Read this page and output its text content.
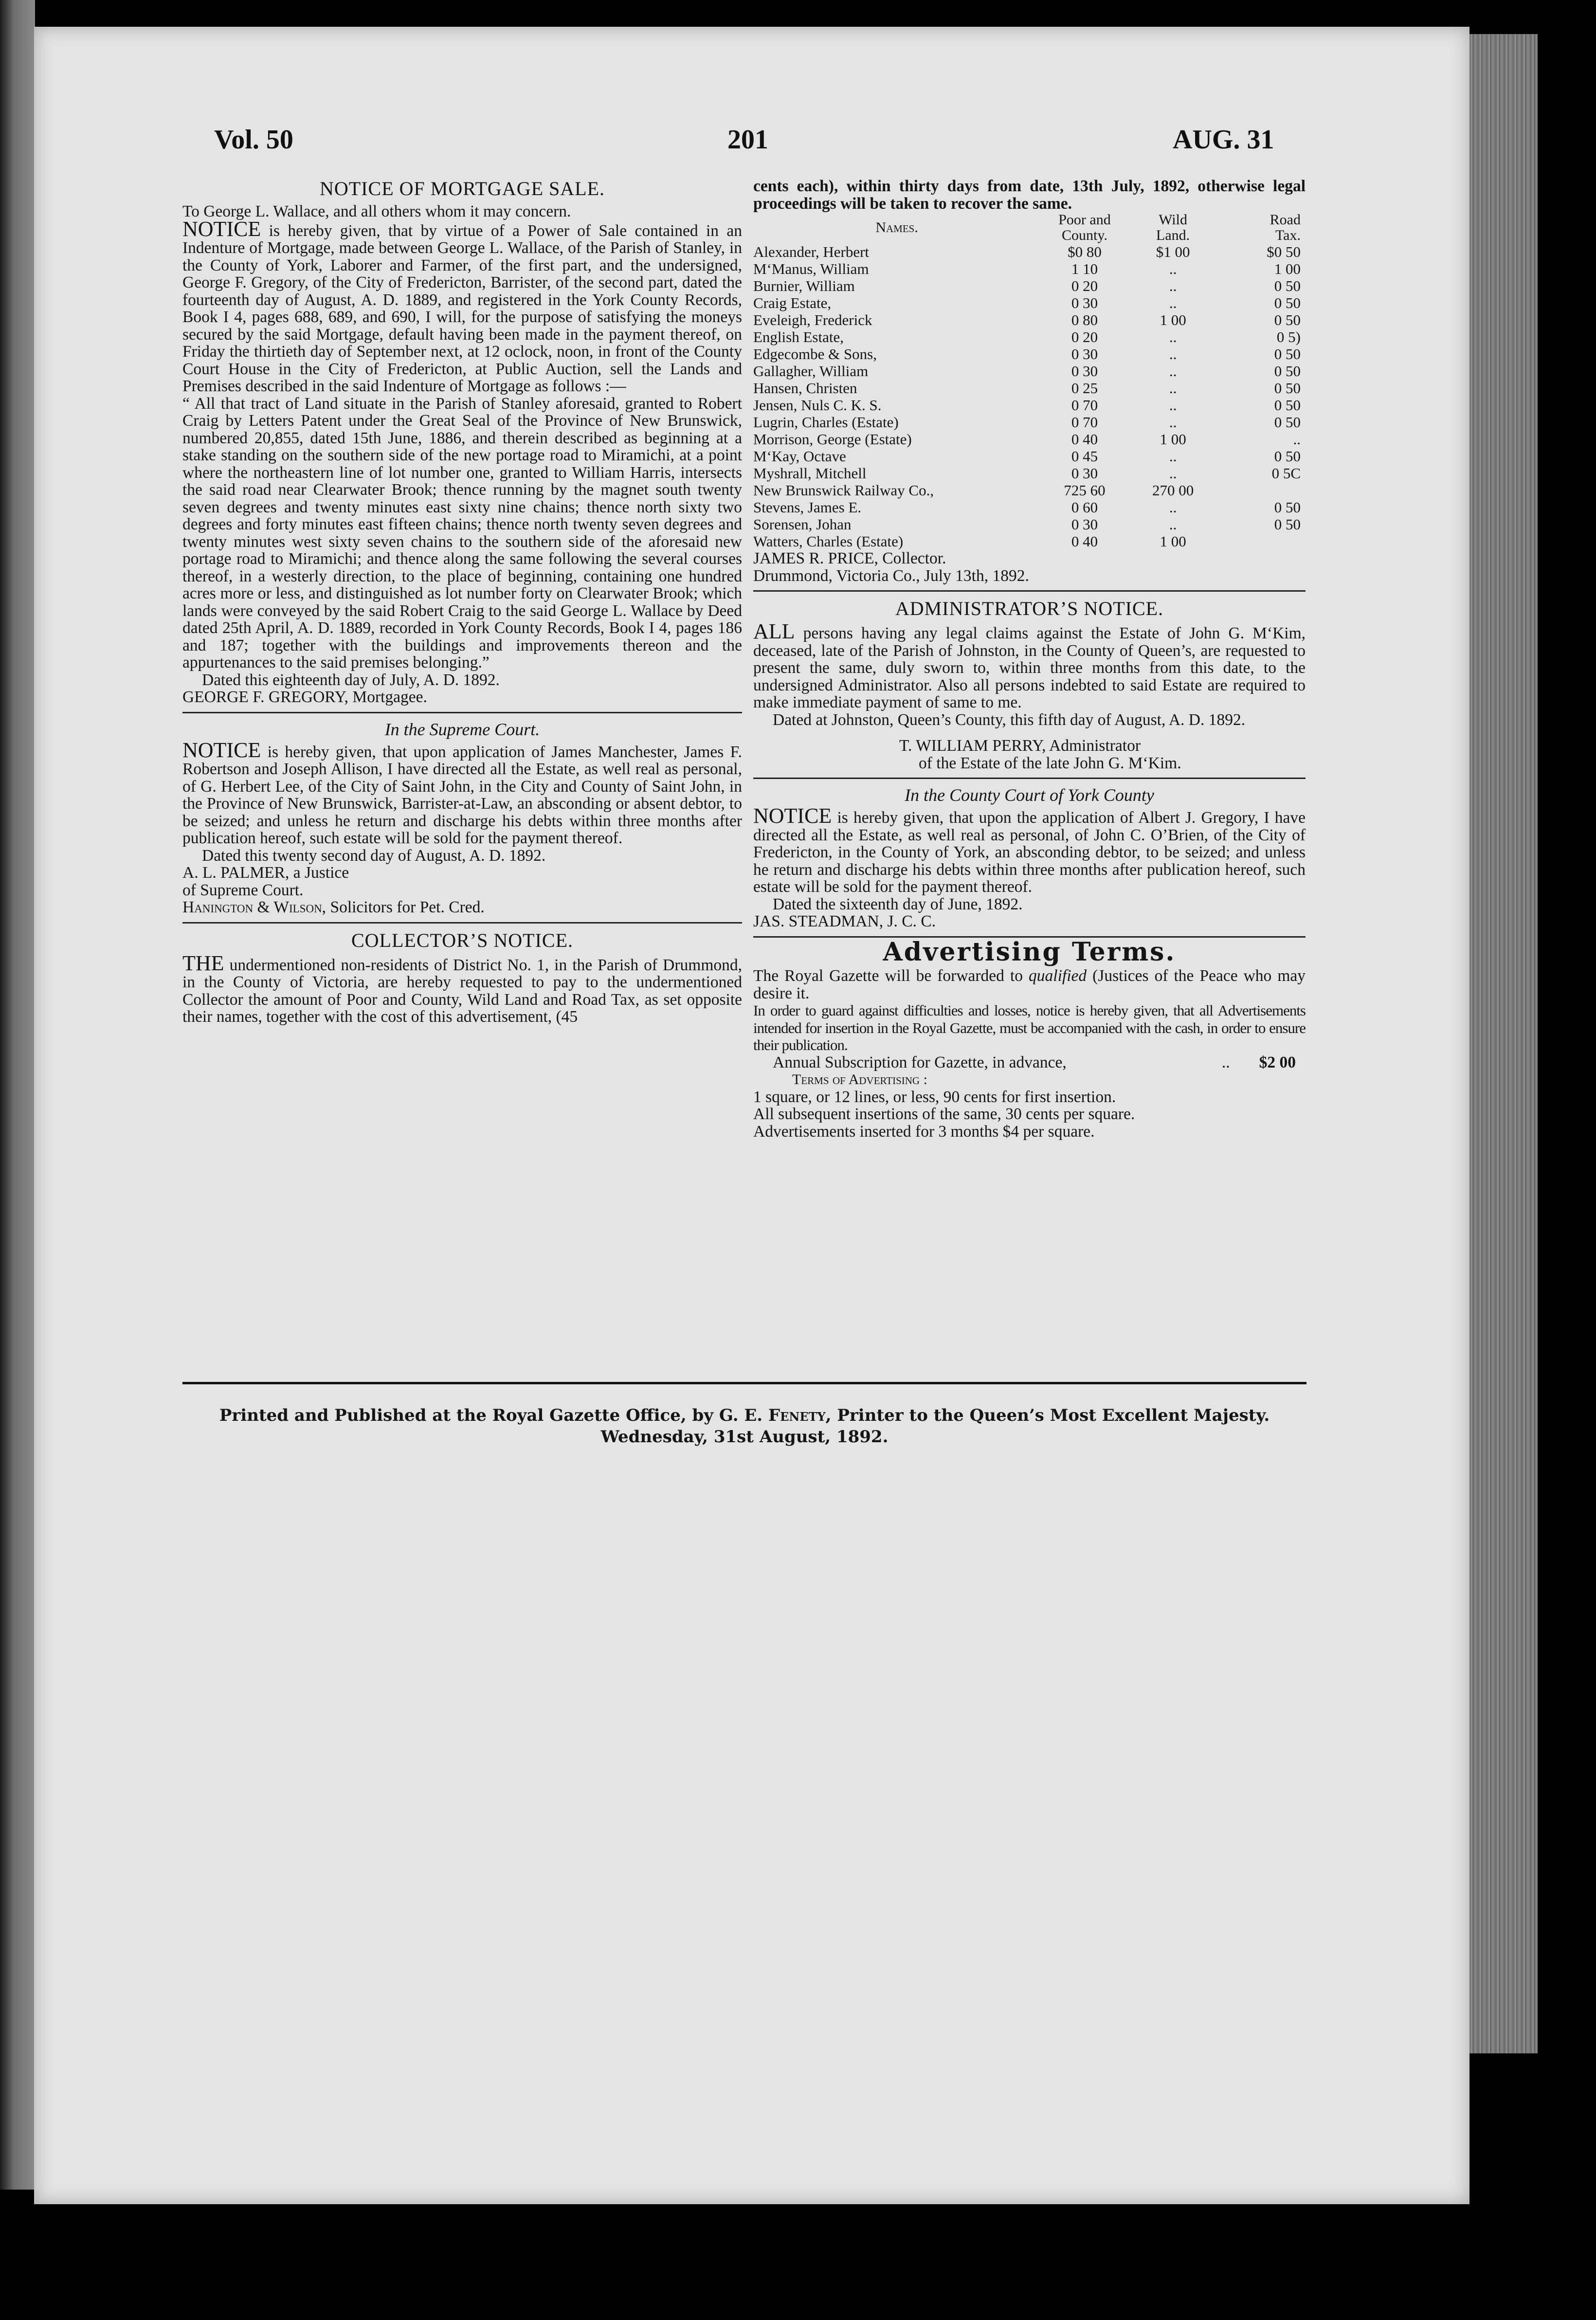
Vol. 50	201	AUG. 31
NOTICE OF MORTGAGE SALE.

To George L. Wallace, and all others whom it may concern.

NOTICE is hereby given, that by virtue of a Power of Sale contained in an Indenture of Mortgage, made between George L. Wallace, of the Parish of Stanley, in the County of York, Laborer and Farmer, of the first part, and the undersigned, George F. Gregory, of the City of Fredericton, Barrister, of the second part, dated the fourteenth day of August, A. D. 1889, and registered in the York County Records, Book I 4, pages 688, 689, and 690, I will, for the purpose of satisfying the moneys secured by the said Mortgage, default having been made in the payment thereof, on Friday the thirtieth day of September next, at 12 oclock, noon, in front of the County Court House in the City of Fredericton, at Public Auction, sell the Lands and Premises described in the said Indenture of Mortgage as follows :—

“ All that tract of Land situate in the Parish of Stanley aforesaid, granted to Robert Craig by Letters Patent under the Great Seal of the Province of New Brunswick, numbered 20,855, dated 15th June, 1886, and therein described as beginning at a stake standing on the southern side of the new portage road to Miramichi, at a point where the northeastern line of lot number one, granted to William Harris, intersects the said road near Clearwater Brook; thence running by the magnet south twenty seven degrees and twenty minutes east sixty nine chains; thence north sixty two degrees and forty minutes east fifteen chains; thence north twenty seven degrees and twenty minutes west sixty seven chains to the southern side of the aforesaid new portage road to Miramichi; and thence along the same following the several courses thereof, in a westerly direction, to the place of beginning, containing one hundred acres more or less, and distinguished as lot number forty on Clearwater Brook; which lands were conveyed by the said Robert Craig to the said George L. Wallace by Deed dated 25th April, A. D. 1889, recorded in York County Records, Book I 4, pages 186 and 187; together with the buildings and improvements thereon and the appurtenances to the said premises belonging.”

Dated this eighteenth day of July, A. D. 1892.

GEORGE F. GREGORY, Mortgagee.

In the Supreme Court.

NOTICE is hereby given, that upon application of James Manchester, James F. Robertson and Joseph Allison, I have directed all the Estate, as well real as personal, of G. Herbert Lee, of the City of Saint John, in the City and County of Saint John, in the Province of New Brunswick, Barrister-at-Law, an absconding or absent debtor, to be seized; and unless he return and discharge his debts within three months after publication hereof, such estate will be sold for the payment thereof.

Dated this twenty second day of August, A. D. 1892.

A. L. PALMER, a Justice

of Supreme Court.

Hanington & Wilson, Solicitors for Pet. Cred.

COLLECTOR’S NOTICE.

THE undermentioned non-residents of District No. 1, in the Parish of Drummond, in the County of Victoria, are hereby requested to pay to the undermentioned Collector the amount of Poor and County, Wild Land and Road Tax, as set opposite their names, together with the cost of this advertisement, (45

cents each), within thirty days from date, 13th July, 1892, otherwise legal proceedings will be taken to recover the same.

Names.	Poor and	Wild	Road
	County.	Land.	Tax.
Alexander, Herbert	$0 80	$1 00	$0 50
M‘Manus, William	1 10	..	1 00
Burnier, William	0 20	..	0 50
Craig Estate,	0 30	..	0 50
Eveleigh, Frederick	0 80	1 00	0 50
English Estate,	0 20	..	0 5)
Edgecombe & Sons,	0 30	..	0 50
Gallagher, William	0 30	..	0 50
Hansen, Christen	0 25	..	0 50
Jensen, Nuls C. K. S.	0 70	..	0 50
Lugrin, Charles (Estate)	0 70	..	0 50
Morrison, George (Estate)	0 40	1 00	..
M‘Kay, Octave	0 45	..	0 50
Myshrall, Mitchell	0 30	..	0 5C
New Brunswick Railway Co.,	725 60	270 00	
Stevens, James E.	0 60	..	0 50
Sorensen, Johan	0 30	..	0 50
Watters, Charles (Estate)	0 40	1 00	

JAMES R. PRICE, Collector.

Drummond, Victoria Co., July 13th, 1892.

ADMINISTRATOR’S NOTICE.

ALL persons having any legal claims against the Estate of John G. M‘Kim, deceased, late of the Parish of Johnston, in the County of Queen’s, are requested to present the same, duly sworn to, within three months from this date, to the undersigned Administrator. Also all persons indebted to said Estate are required to make immediate payment of same to me.

Dated at Johnston, Queen’s County, this fifth day of August, A. D. 1892.

T. WILLIAM PERRY, Administrator

of the Estate of the late John G. M‘Kim.

In the County Court of York County

NOTICE is hereby given, that upon the application of Albert J. Gregory, I have directed all the Estate, as well real as personal, of John C. O’Brien, of the City of Fredericton, in the County of York, an absconding debtor, to be seized; and unless he return and discharge his debts within three months after publication hereof, such estate will be sold for the payment thereof.

Dated the sixteenth day of June, 1892.

JAS. STEADMAN, J. C. C.

Advertising Terms.

The Royal Gazette will be forwarded to qualified (Justices of the Peace who may desire it.

In order to guard against difficulties and losses, notice is hereby given, that all Advertisements intended for insertion in the Royal Gazette, must be accompanied with the cash, in order to ensure their publication.

Annual Subscription for Gazette, in advance,	.. $2 00

Terms of Advertising :

1 square, or 12 lines, or less, 90 cents for first insertion.

All subsequent insertions of the same, 30 cents per square.

Advertisements inserted for 3 months $4 per square.

Printed and Published at the Royal Gazette Office, by G. E. Fenety, Printer to the Queen’s Most Excellent Majesty.

Wednesday, 31st August, 1892.
